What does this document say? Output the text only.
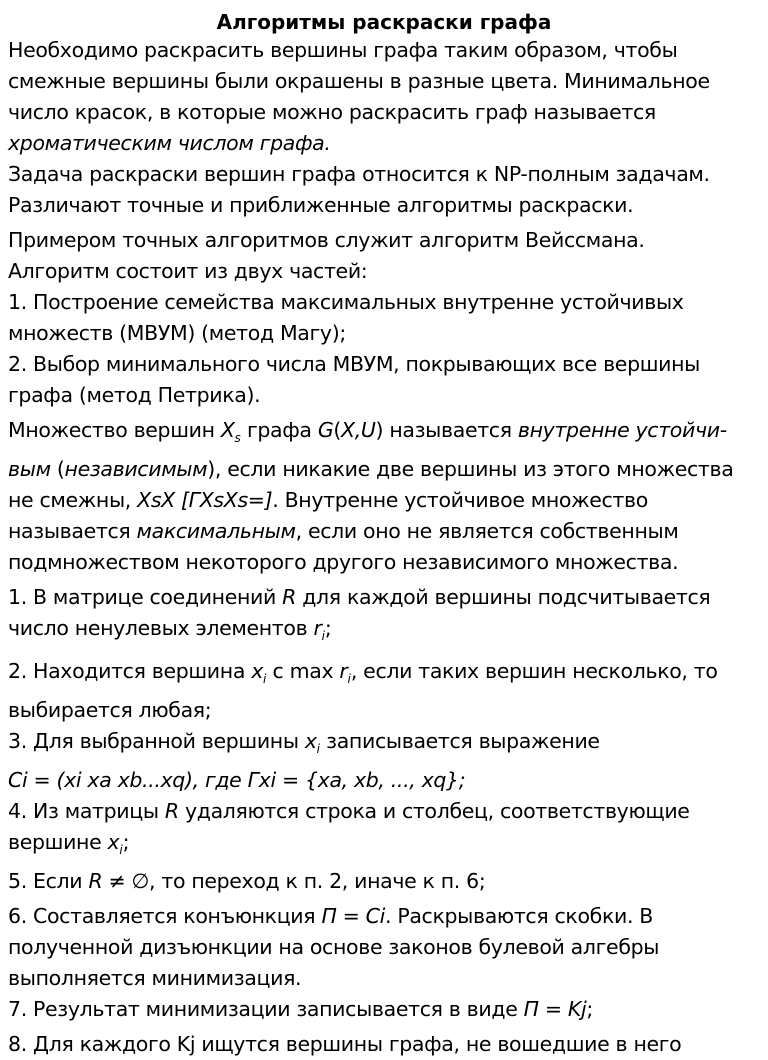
Алгоритмы раскраски графа

Необходимо раскрасить вершины графа таким образом, чтобы смежные вершины были окрашены в разные цвета. Минимальное число красок, в которые можно раскрасить граф называется хроматическим числом графа.

Задача раскраски вершин графа относится к NP-полным задачам. Различают точные и приближенные алгоритмы раскраски.

Примером точных алгоритмов служит алгоритм Вейссмана.

Алгоритм состоит из двух частей:

1. Построение семейства максимальных внутренне устойчивых множеств (МВУМ) (метод Магу);

2. Выбор минимального числа МВУМ, покрывающих все вершины графа (метод Петрика).

Множество вершин $X_s$ графа G(X,U) называется внутренне устойчи-вым (независимым), если никакие две вершины из этого множества не смежны, XsX [ГXsXs=]. Внутренне устойчивое множество называется максимальным, если оно не является собственным подмножеством некоторого другого независимого множества.

1. В матрице соединений R для каждой вершины подсчитывается число ненулевых элементов $r_i$;

2. Находится вершина $x_i$ c $\max r_i$, если таких вершин несколько, то выбирается любая;

3. Для выбранной вершины $x_i$ записывается выражение

Ci = (xi xa xb...xq), где Гxi = {xa, xb, ..., xq};

4. Из матрицы R удаляются строка и столбец, соответствующие вершине $x_i$;

5. Если R ≠ ∅, то переход к п. 2, иначе к п. 6;

6. Составляется конъюнкция П = Ci. Раскрываются скобки. В полученной дизъюнкции на основе законов булевой алгебры выполняется минимизация.

7. Результат минимизации записывается в виде П = Kj;

8. Для каждого Kj ищутся вершины графа, не вошедшие в него
